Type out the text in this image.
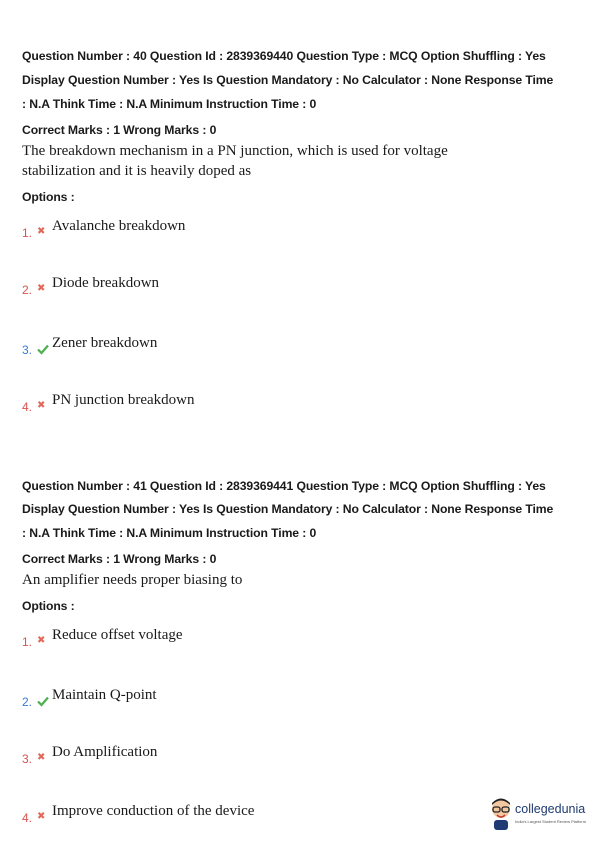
Question Number : 40 Question Id : 2839369440 Question Type : MCQ Option Shuffling : Yes
Display Question Number : Yes Is Question Mandatory : No Calculator : None Response Time
: N.A Think Time : N.A Minimum Instruction Time : 0
Correct Marks : 1 Wrong Marks : 0
The breakdown mechanism in a PN junction, which is used for voltage
stabilization and it is heavily doped as
Options :
1. ✖ Avalanche breakdown
2. ✖ Diode breakdown
3. Zener breakdown
4. ✖ PN junction breakdown
Question Number : 41 Question Id : 2839369441 Question Type : MCQ Option Shuffling : Yes
Display Question Number : Yes Is Question Mandatory : No Calculator : None Response Time
: N.A Think Time : N.A Minimum Instruction Time : 0
Correct Marks : 1 Wrong Marks : 0
An amplifier needs proper biasing to
Options :
1. ✖ Reduce offset voltage
2. Maintain Q-point
3. ✖ Do Amplification
4. ✖ Improve conduction of the device	collegedunia
India's Largest Student Review Platform
